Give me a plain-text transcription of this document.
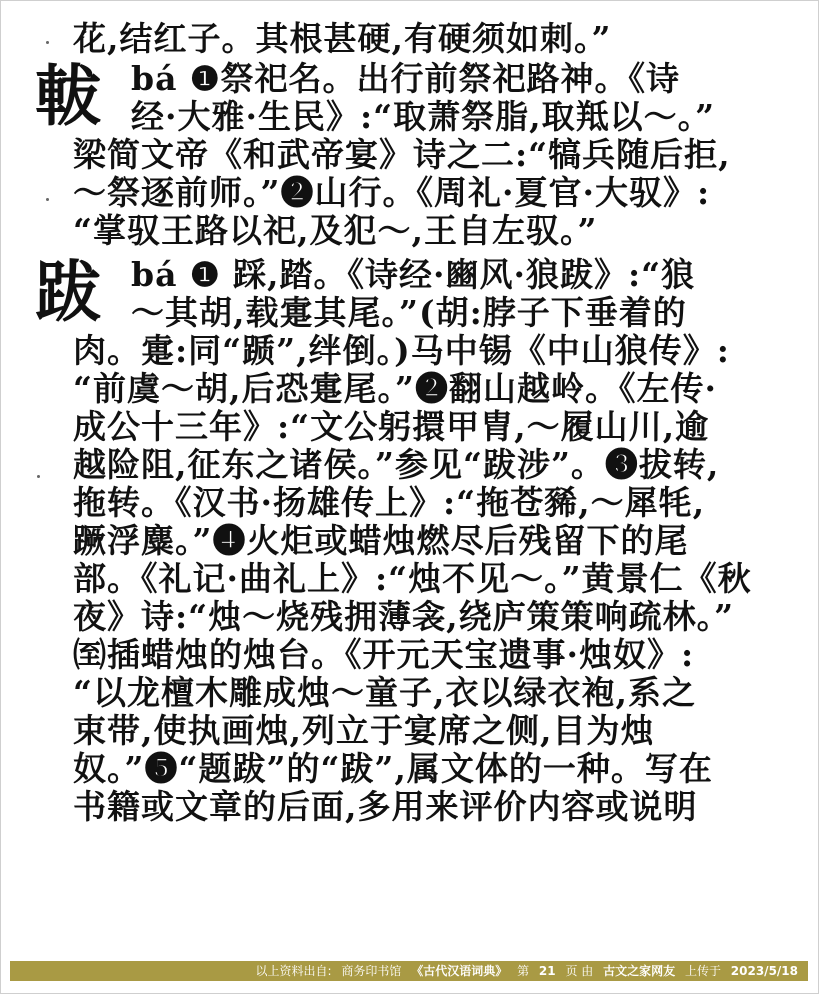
軷
跋
花,结红子。其根甚硬,有硬须如刺。”
bá ❶祭祀名。出行前祭祀路神。《诗
经·大雅·生民》:“取萧祭脂,取羝以～。”
梁简文帝《和武帝宴》诗之二:“犒兵随后拒,
～祭逐前师。”❷山行。《周礼·夏官·大驭》:
“掌驭王路以祀,及犯～,王自左驭。”
bá ❶ 踩,踏。《诗经·豳风·狼跋》:“狼
～其胡,载疐其尾。”(胡:脖子下垂着的
肉。疐:同“踬”,绊倒。)马中锡《中山狼传》:
“前虞～胡,后恐疐尾。”❷翻山越岭。《左传·
成公十三年》:“文公躬擐甲胄,～履山川,逾
越险阻,征东之诸侯。”参见“跋涉”。❸拔转,
拖转。《汉书·扬雄传上》:“拖苍豨,～犀牦,
蹶浮麋。”❹火炬或蜡烛燃尽后残留下的尾
部。《礼记·曲礼上》:“烛不见～。”黄景仁《秋
夜》诗:“烛～烧残拥薄衾,绕庐策策响疏林。”
㉃插蜡烛的烛台。《开元天宝遗事·烛奴》:
“以龙檀木雕成烛～童子,衣以绿衣袍,系之
束带,使执画烛,列立于宴席之侧,目为烛
奴。”❺“题跋”的“跋”,属文体的一种。写在
书籍或文章的后面,多用来评价内容或说明
以上资料出自: 商务印书馆 《古代汉语词典》 第 21 页 由 古文之家网友 上传于 2023/5/18
